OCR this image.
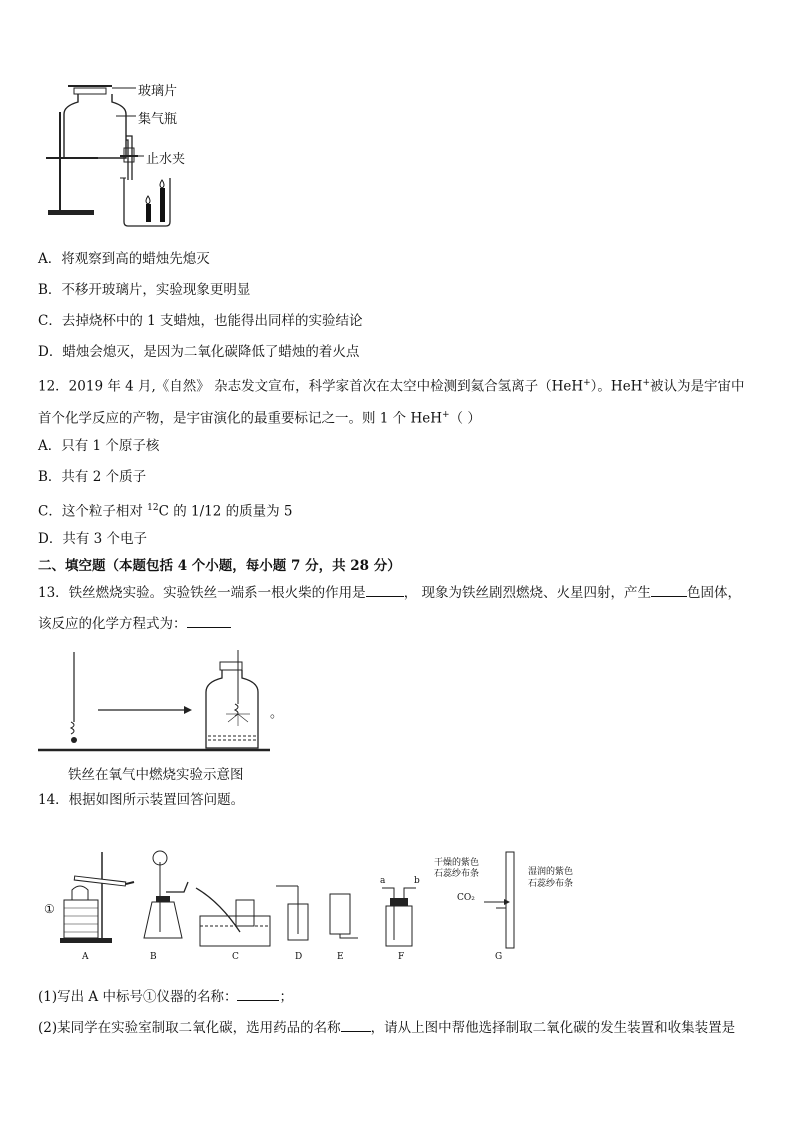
玻璃片
集气瓶
止水夹
A．将观察到高的蜡烛先熄灭
B．不移开玻璃片，实验现象更明显
C．去掉烧杯中的 1 支蜡烛，也能得出同样的实验结论
D．蜡烛会熄灭，是因为二氧化碳降低了蜡烛的着火点
12．2019 年 4 月,《自然》 杂志发文宣布，科学家首次在太空中检测到氦合氢离子（HeH+）。HeH+被认为是宇宙中
首个化学反应的产物，是宇宙演化的最重要标记之一。则 1 个 HeH+（ ）
A．只有 1 个原子核
B．共有 2 个质子
C．这个粒子相对 $^{12}$C 的 1/12 的质量为 5
D．共有 3 个电子
二、填空题（本题包括 4 个小题，每小题 7 分，共 28 分）
13．铁丝燃烧实验。实验铁丝一端系一根火柴的作用是	， 现象为铁丝剧烈燃烧、火星四射，产生	色固体，
该反应的化学方程式为：
。
铁丝在氧气中燃烧实验示意图
14．根据如图所示装置回答问题。
①
A	B	C	D	E	F	G
a	b
干燥的紫色
石蕊纱布条	湿润的紫色
石蕊纱布条
CO₂
(1)写出 A 中标号①仪器的名称：	；
(2)某同学在实验室制取二氧化碳，选用药品的名称 ，请从上图中帮他选择制取二氧化碳的发生装置和收集装置是
